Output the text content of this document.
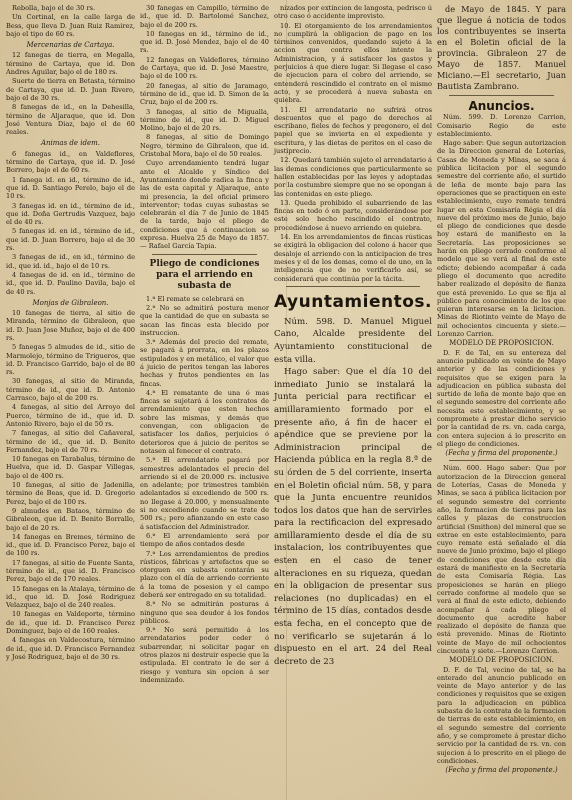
Rebolla, bajo el de 30 rs.

Un Cortinal, en la calle larga de Bess, que lleva D. Juan Ruiz Ramirez, bajo el tipo de 60 rs.

Mercenarias de Cartaya.

12 fanegas de tierra, en Megalla, término de Cartaya, que id. Don Andres Aguilar, bajo el de 180 rs.

Suerte de tierra en Betasta, término de Cartaya, que id. D. Juan Rivero, bajo el de 30 rs.

8 fanegas de id., en la Dehesilla, término de Aljaraque, que id. Don José Ventura Diaz, bajo el de 60 reales.

Animas de idem.

6 fanegas id., en Valdeflores, término de Cartaya, que id. D. José Borrero, bajo el de 60 rs.

1 fanega id. en id., término de id., que id. D. Santiago Perelo, bajo el de 10 rs.

3 fanegas id. en id., término de id., que id. Doña Gertrudis Vazquez, bajo el de 40 rs.

5 fanegas id. en id., término de id., que id. D. Juan Borrero, bajo el de 30 rs.

3 fanegas de id., en id., término de id., que id. id., bajo el de 10 rs.

4 fanegas de id. en id., término de id., que id. D. Paulino Davila, bajo el de 40 rs.

Monjas de Gibraleon.

10 fanegas de tierra, al sitio de Miranda, término de Gibraleon, que id. D. Juan Jose Muñoz, bajo el de 400 rs.

5 fanegas 5 almudes de id., sitio de Marmolejo, término de Trigueros, que id. D. Francisco Garrido, bajo el de 80 rs.

30 fanegas, al sitio de Miranda, término de id., que id. D. Antonio Carrasco, bajo el de 200 rs.

4 fanegas, al sitio del Arroyo del Puerco, término de id., que id. D. Antonio Rivero, bajo el de 50 rs.

7 fanegas, al sitio del Cañaveral, término de id., que id. D. Benito Fernandez, bajo el de 70 rs.

10 fanegas en Tarabalus, término de Huelva, que id. D. Gaspar Villegas, bajo el de 400 rs.

10 fanegas, al sitio de Jadenilla, término de Beas, que id. D. Gregorio Perez, bajo el de 100 rs.

9 almudes en Bataos, término de Gibraleon, que id. D. Benito Borrallo, bajo el de 20 rs.

14 fanegas en Bremes, término de id., que id. D. Francisco Perez, bajo el de 100 rs.

17 fanegas, al sitio de Fuente Santa, término de id., que id. D. Francisco Perez, bajo el de 170 reales.

15 fanegas en la Atalaya, término de id., que id. D. José Rodriguez Velazquez, bajo el de 240 reales.

10 fanegas en Valdeporte, término de id., que id. D. Francisco Perez Dominguez, bajo el de 160 reales.

4 fanegas en Valdecostura, término de id., que id. D. Francisco Fernandez y José Rodriguez, bajo el de 30 rs.

30 fanegas en Campillo, término de id., que id. D. Bartolomé Sanchez, bajo el de 200 rs.

10 fanegas en id., término de id., que id. D. José Mendez, bajo el de 40 rs.

12 fanegas en Valdeflores, término de Cartaya, que id. D. José Maestre, bajo el de 100 rs.

20 fanegas, al sitio de Jaramago, término de id., que id. D. Simon de la Cruz, bajo el de 200 rs.

3 fanegas, al sitio de Migualla, término de id., que id. D. Miguel Molino, bajo el de 20 rs.

8 fanegas, al sitio de Domingo Negro, término de Gibraleon, que id. Cristobal Mora, bajo el de 50 reales.

Cuyo arrendamiento tendrá lugar ante el Alcalde y Síndico del Ayuntamiento donde radica la finca y las de esta capital y Aljaraque, ante mi presencia, la del oficial primero interventor; todas cuyas subastas se celebrarán el día 7 de Junio de 1845 de la tarde, bajo el pliego de condiciones que á continuacion se expresa. Huelva 25 de Mayo de 1857. — Rafael García Tapia.

Pliego de condiciones para el arriendo en subasta de

1.ª El remate se celebrará en

2.ª No se admitirá postura menor que la cantidad de que en subasta se sacan las fincas esta blecido por instruccion.

3.ª Además del precio del remate, se pagará á prorrata, en los plazos estipulados y en metálico, el valor que á juicio de peritos tengan las labores hechas y frutos pendientes en las fincas.

4.ª El rematante de una ó mas fincas se sujetará á los contratos de arrendamiento que esten hechos sobre las mismas, y demás que convengan, con obligacion de satisfacer los daños, perjuicios ó deterioros que á juicio de peritos se notasen al fenecer el contrato.

5.ª El arrendatario pagará por semestres adelantados el precio del arriendo si el de 20.000 rs. inclusive en adelante; por trimestres también adelantados si excediendo de 500 rs. no llegase á 20.000, y mensualmente si no excediendo cuando se trate de 500 rs.; pero afianzando en este caso á satisfaccion del Administrador.

6.ª El arrendamiento será por tiempo de años contados desde

7.ª Los arrendamientos de predios rústicos, fábricas y artefactos que se otorguen en subasta contarán su plazo con el día de arriendo corriente á la toma de posesion y el campo deberá ser entregado en su totalidad.

8.ª No se admitirán posturas á ninguno que sea deudor á los fondos públicos.

9.ª No será permitido á los arrendatarios poder ceder ó subarrendar, ni solicitar pagar en otros plazos ni destruir especie que la estipulada. El contrato le de ser á riesgo y ventura sin opcion á ser indemnizado.

nizados por extincion de langosta, pedrisco ú otro caso ó accidente imprevisto.

10. El otorgamiento de los arrendamientos no cumplirá la obligacion de pago en los términos convenidos, quedando sujeto á la accion que contra ellos intente la Administracion, y á satisfacer los gastos y perjuicios á que diere lugar. Si llegase el caso de ejecucion para el cobro del arriendo, se entenderá rescindido el contrato en el mismo acto, y se procederá á nueva subasta en quiebra.

11. El arrendatario no sufrirá otros descuentos que el pago de derechos al escribano, fieles de fechos y pregonero, el del papel que se invierta en el expediente y escritura, y las dietas de peritos en el caso de justiprecio.

12. Quedará también sujeto el arrendatario á las demas condiciones que particularmente se hallen establecidas por las leyes y adoptadas por la costumbre siempre que no se opongan á las contenidas en este pliego.

13. Queda prohibido el subarriendo de las fincas en todo ó en parte, considerándose por este solo hecho rescindido el contrato, procediéndose á nuevo arriendo en quiebra.

14. En los arrendamientos de fincas rústicas se exigirá la obligacion del colono á hacer que desaloje el arriendo con la anticipacion de tres meses y el de los demas, como el de uno, en la inteligencia que de no verificarlo así, se considerará que continúa por la tácita.

Ayuntamientos.

Núm. 598. D. Manuel Miguel Cano, Alcalde presidente del Ayuntamiento constitucional de esta villa.

Hago saber: Que el día 10 del inmediato Junio se instalará la Junta pericial para rectificar el amillaramiento formado por el presente año, á fin de hacer el apéndice que se previene por la Administracion principal de Hacienda pública en la regla 8.ª de su órden de 5 del corriente, inserta en el Boletin oficial núm. 58, y para que la Junta encuentre reunidos todos los datos que han de servirles para la rectificacion del expresado amillaramiento desde el día de su instalacion, los contribuyentes que esten en el caso de tener alteraciones en su riqueza, quedan en la obligacion de presentar sus relaciones (no duplicadas) en el término de 15 días, contados desde esta fecha, en el concepto que de no verificarlo se sujetarán á lo dispuesto en el art. 24 del Real decreto de 23

de Mayo de 1845. Y para que llegue á noticia de todos los contribuyentes se inserta en el Boletin oficial de la provincia. Gibraleon 27 de Mayo de 1857. Manuel Miciano.—El secretario, Juan Bautista Zambrano.

Anuncios.

Núm. 599. D. Lorenzo Carrion, Comisario Regio de este establecimiento.

Hago saber: Que segun autorizacion de la Direccion general de Loterías, Casas de Moneda y Minas, se saca á pública licitacion por el segundo semestre del corriente año, el surtido de leña de monte bajo para las operaciones que se practiquen en este establecimiento, cuyo remate tendrá lugar en esta Comisaría Régia el día nueve del próximo mes de Junio, bajo el pliego de condiciones que desde hoy estará de manifiesto en la Secretaría. Las proposiciones se harán en pliego cerrado conforme al modelo que se verá al final de este edicto; debiendo acompañar á cada pliego el documento que acredite haber realizado el depósito de fianza que está prevenido. Lo que se fija al público para conocimiento de los que quieran interesarse en la licitacion. Minas de Riotinto veinte de Mayo de mil ochocientos cincuenta y siete.—Lorenzo Carrion.

MODELO DE PROPOSICION.

D. F. de Tal, en su entereza del anuncio publicado en veinte de Mayo anterior y de las condiciones y requisitos que se exigen para la adjudicacion en pública subasta del surtido de leña de monte bajo que en el segundo semestre del corriente año necesita este establecimiento, y se compromete á prestar dicho servicio por la cantidad de rs. vn. cada carga, con entera sujecion á lo prescrito en el pliego de condiciones.

(Fecha y firma del proponente.)

Núm. 600. Hago saber: Que por autorizacion de la Direccion general de Loterías, Casas de Moneda y Minas, se saca á pública licitacion por el segundo semestre del corriente año, la formacion de tierras para las calles y plazas de construccion artificial (Smithon) del mineral que se extrae en este establecimiento, para cuyo remate está señalado el día nueve de Junio próximo, bajo el pliego de condiciones que desde este día estará de manifiesto en la Secretaría de esta Comisaría Régia. Las proposiciones se harán en pliego cerrado conforme al modelo que se verá al final de este edicto, debiendo acompañar á cada pliego el documento que acredite haber realizado el depósito de fianza que está prevenido. Minas de Riotinto veinte de Mayo de mil ochocientos cincuenta y siete.—Lorenzo Carrion.

MODELO DE PROPOSICION.

D. F. de Tal, vecino de tal, se ha enterado del anuncio publicado en veinte de Mayo anterior y de las condiciones y requisitos que se exigen para la adjudicacion en pública subasta de la contrata de la formacion de tierras de este establecimiento, en el segundo semestre del corriente año, y se compromete á prestar dicho servicio por la cantidad de rs. vn. con sujecion á lo prescrito en el pliego de condiciones.

(Fecha y firma del proponente.)
